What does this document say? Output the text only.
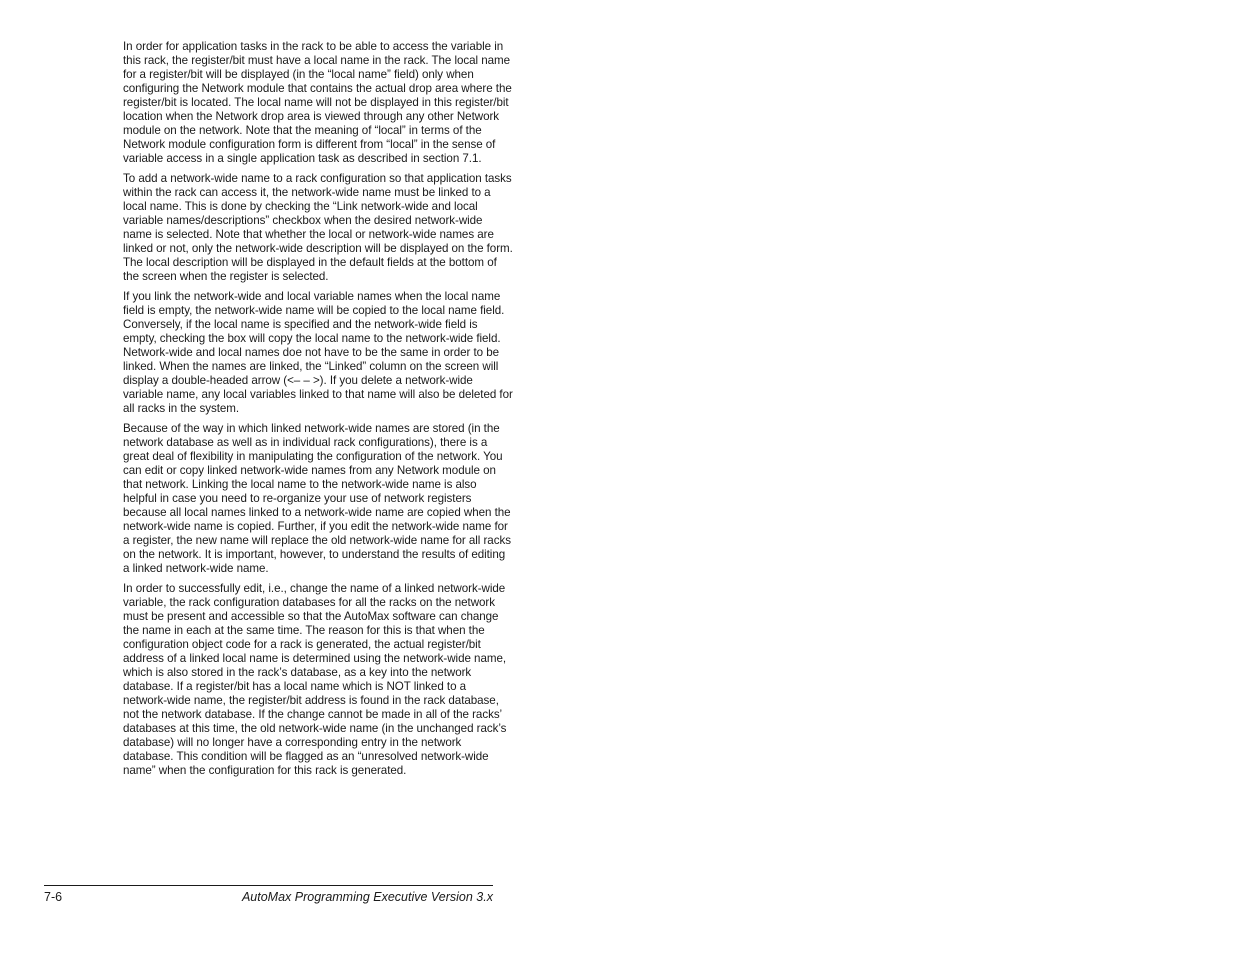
In order for application tasks in the rack to be able to access the variable in this rack, the register/bit must have a local name in the rack. The local name for a register/bit will be displayed (in the “local name” field) only when configuring the Network module that contains the actual drop area where the register/bit is located. The local name will not be displayed in this register/bit location when the Network drop area is viewed through any other Network module on the network. Note that the meaning of “local” in terms of the Network module configuration form is different from “local” in the sense of variable access in a single application task as described in section 7.1.

To add a network-wide name to a rack configuration so that application tasks within the rack can access it, the network-wide name must be linked to a local name. This is done by checking the “Link network-wide and local variable names/descriptions” checkbox when the desired network-wide name is selected. Note that whether the local or network-wide names are linked or not, only the network-wide description will be displayed on the form. The local description will be displayed in the default fields at the bottom of the screen when the register is selected.

If you link the network-wide and local variable names when the local name field is empty, the network-wide name will be copied to the local name field. Conversely, if the local name is specified and the network-wide field is empty, checking the box will copy the local name to the network-wide field. Network-wide and local names doe not have to be the same in order to be linked. When the names are linked, the “Linked” column on the screen will display a double-headed arrow (<– – >). If you delete a network-wide variable name, any local variables linked to that name will also be deleted for all racks in the system.

Because of the way in which linked network-wide names are stored (in the network database as well as in individual rack configurations), there is a great deal of flexibility in manipulating the configuration of the network. You can edit or copy linked network-wide names from any Network module on that network. Linking the local name to the network-wide name is also helpful in case you need to re-organize your use of network registers because all local names linked to a network-wide name are copied when the network-wide name is copied. Further, if you edit the network-wide name for a register, the new name will replace the old network-wide name for all racks on the network. It is important, however, to understand the results of editing a linked network-wide name.

In order to successfully edit, i.e., change the name of a linked network-wide variable, the rack configuration databases for all the racks on the network must be present and accessible so that the AutoMax software can change the name in each at the same time. The reason for this is that when the configuration object code for a rack is generated, the actual register/bit address of a linked local name is determined using the network-wide name, which is also stored in the rack’s database, as a key into the network database. If a register/bit has a local name which is NOT linked to a network-wide name, the register/bit address is found in the rack database, not the network database. If the change cannot be made in all of the racks’ databases at this time, the old network-wide name (in the unchanged rack’s database) will no longer have a corresponding entry in the network database. This condition will be flagged as an “unresolved network-wide name” when the configuration for this rack is generated.

7-6	AutoMax Programming Executive Version 3.x
